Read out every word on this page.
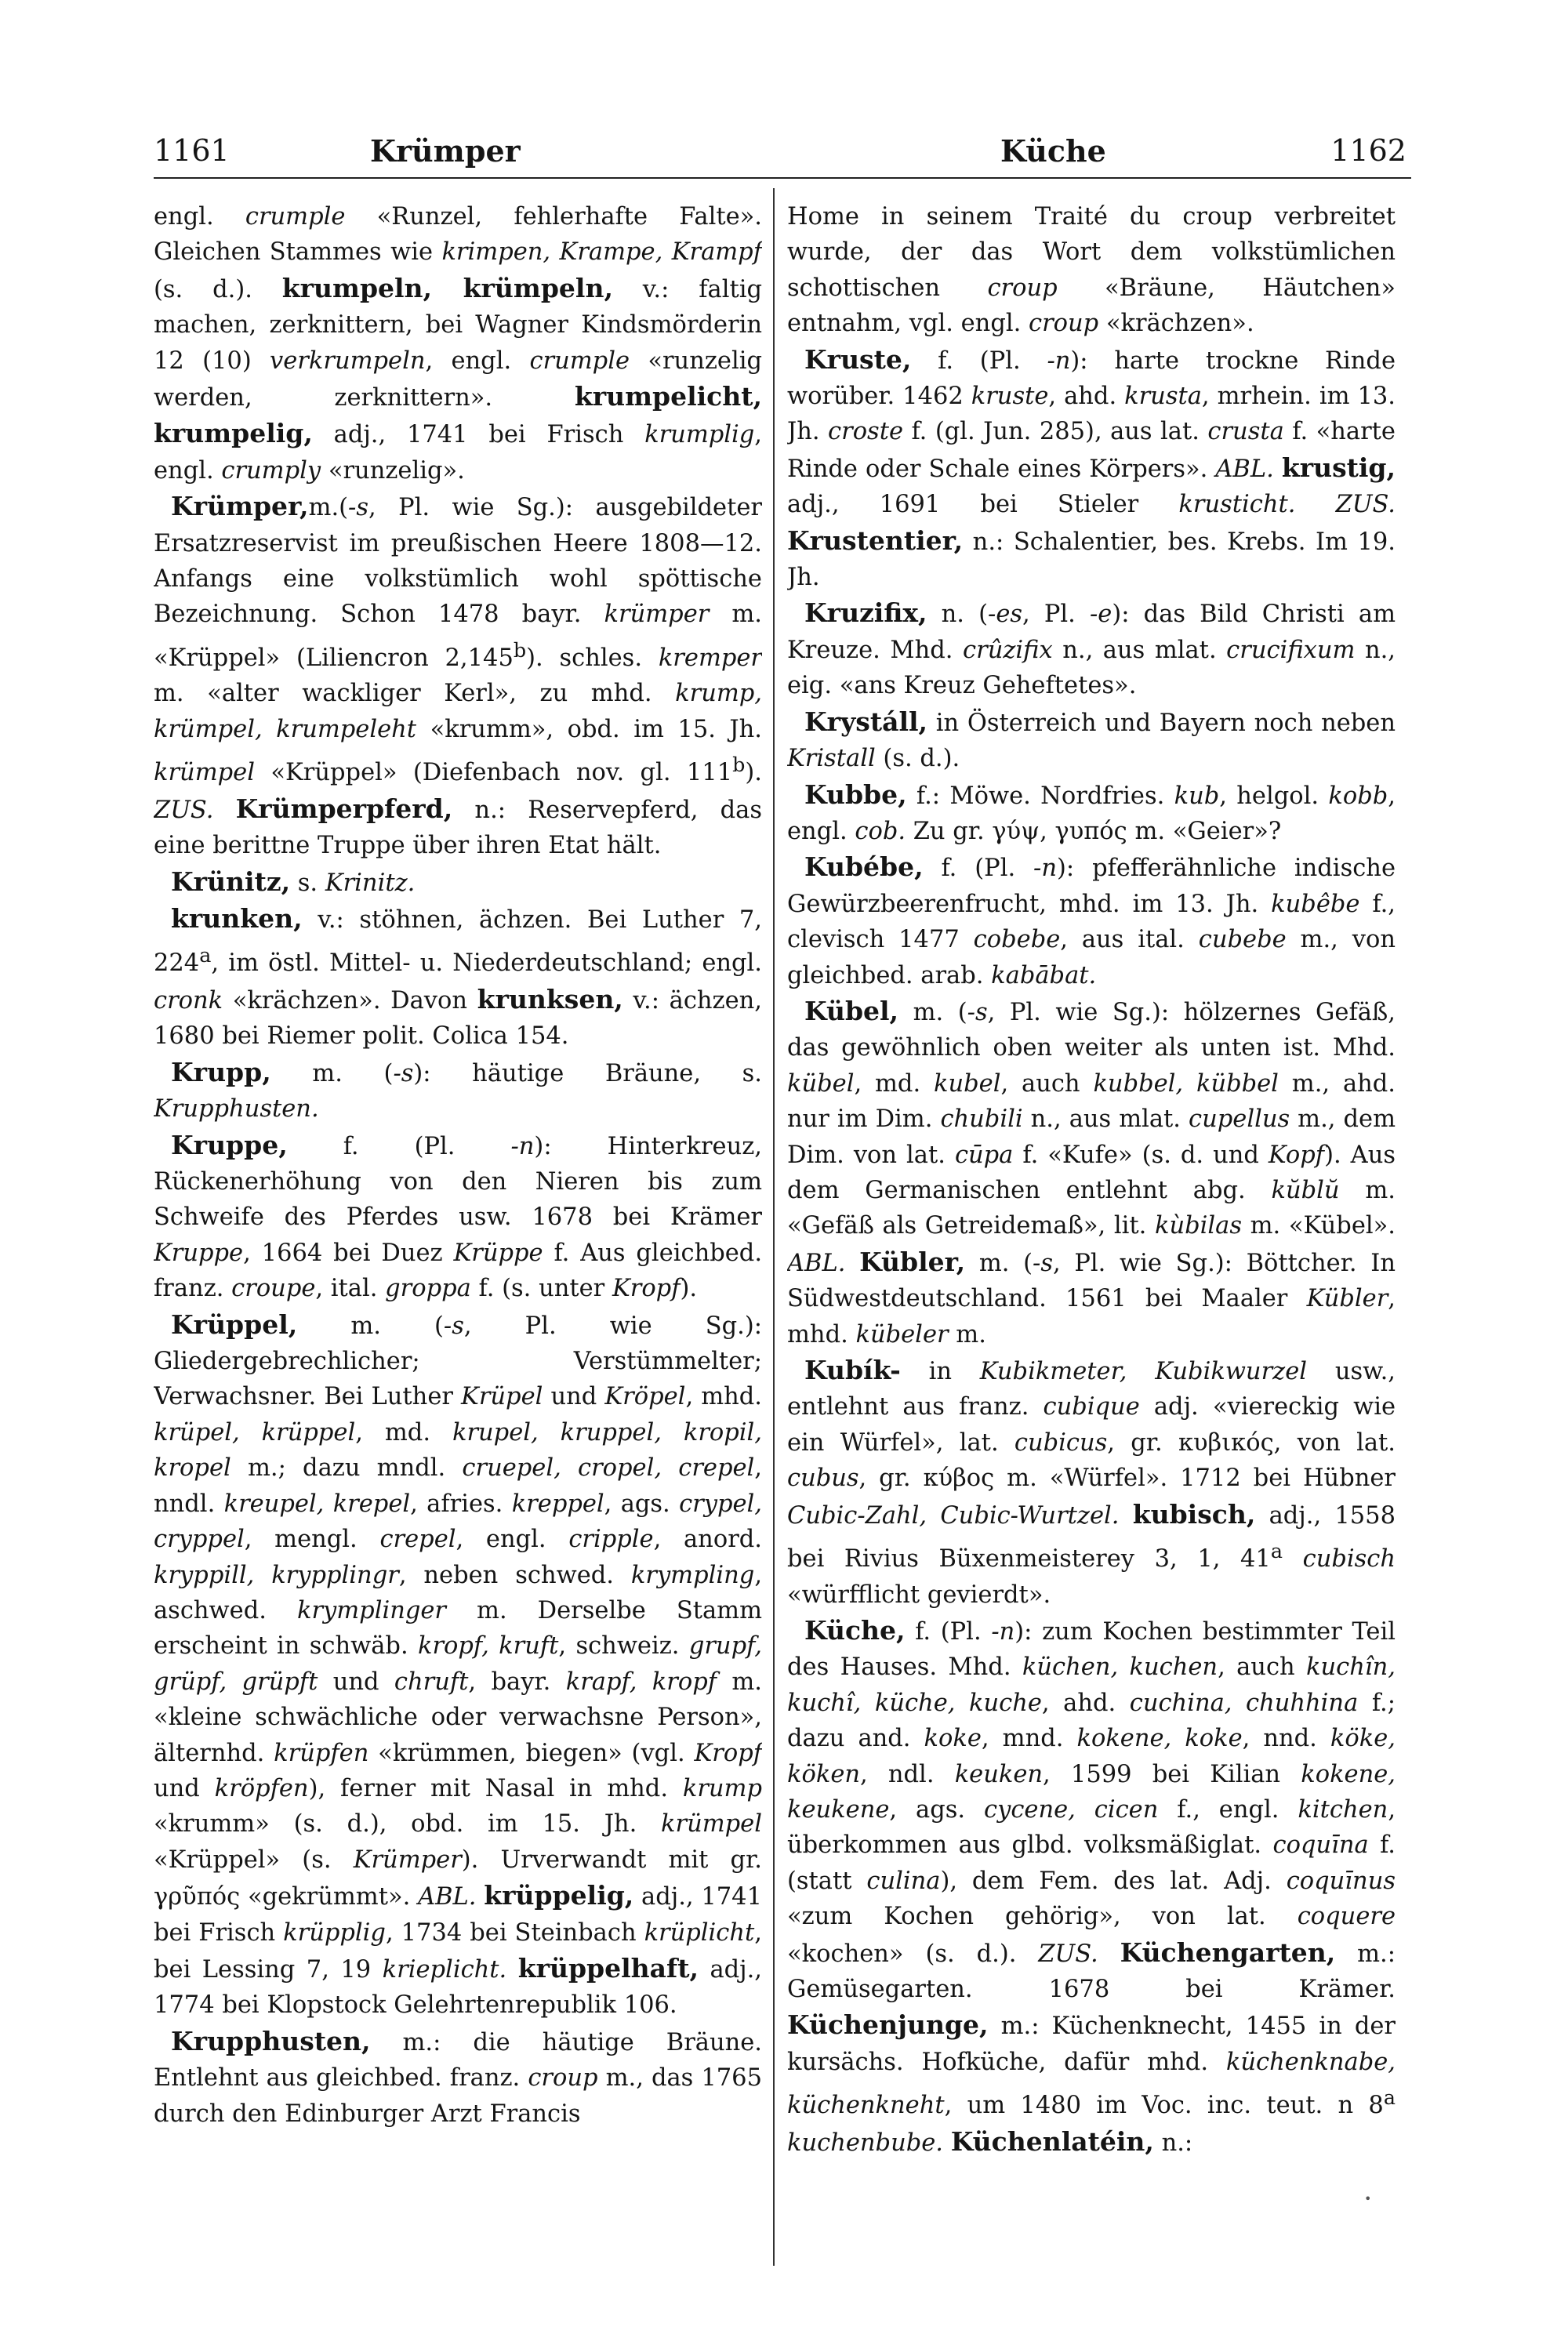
1161	Krümper	Küche	1162

engl. crumple «Runzel, fehlerhafte Falte». Gleichen Stammes wie krimpen, Krampe, Krampf (s. d.). krumpeln, krümpeln, v.: faltig machen, zerknittern, bei Wagner Kindsmörderin 12 (10) verkrumpeln, engl. crumple «runzelig werden, zerknittern». krumpelicht, krumpelig, adj., 1741 bei Frisch krumplig, engl. crumply «runzelig».

Krümper,m.(-s, Pl. wie Sg.): ausgebildeter Ersatzreservist im preußischen Heere 1808—12. Anfangs eine volkstümlich wohl spöttische Bezeichnung. Schon 1478 bayr. krümper m. «Krüppel» (Liliencron 2,145$^b$). schles. kremper m. «alter wackliger Kerl», zu mhd. krump, krümpel, krumpeleht «krumm», obd. im 15. Jh. krümpel «Krüppel» (Diefenbach nov. gl. 111$^b$). ZUS. Krümperpferd, n.: Reservepferd, das eine berittne Truppe über ihren Etat hält.

Krünitz, s. Krinitz.

krunken, v.: stöhnen, ächzen. Bei Luther 7, 224$^a$, im östl. Mittel- u. Niederdeutschland; engl. cronk «krächzen». Davon krunksen, v.: ächzen, 1680 bei Riemer polit. Colica 154.

Krupp, m. (-s): häutige Bräune, s. Krupphusten.

Kruppe, f. (Pl. -n): Hinterkreuz, Rückenerhöhung von den Nieren bis zum Schweife des Pferdes usw. 1678 bei Krämer Kruppe, 1664 bei Duez Krüppe f. Aus gleichbed. franz. croupe, ital. groppa f. (s. unter Kropf).

Krüppel, m. (-s, Pl. wie Sg.): Gliedergebrechlicher; Verstümmelter; Verwachsner. Bei Luther Krüpel und Kröpel, mhd. krüpel, krüppel, md. krupel, kruppel, kropil, kropel m.; dazu mndl. cruepel, cropel, crepel, nndl. kreupel, krepel, afries. kreppel, ags. crypel, cryppel, mengl. crepel, engl. cripple, anord. kryppill, krypplingr, neben schwed. krympling, aschwed. krymplinger m. Derselbe Stamm erscheint in schwäb. kropf, kruft, schweiz. grupf, grüpf, grüpft und chruft, bayr. krapf, kropf m. «kleine schwächliche oder verwachsne Person», älternhd. krüpfen «krümmen, biegen» (vgl. Kropf und kröpfen), ferner mit Nasal in mhd. krump «krumm» (s. d.), obd. im 15. Jh. krümpel «Krüppel» (s. Krümper). Urverwandt mit gr. γρῦπός «gekrümmt». ABL. krüppelig, adj., 1741 bei Frisch krüpplig, 1734 bei Steinbach krüplicht, bei Lessing 7, 19 krieplicht. krüppelhaft, adj., 1774 bei Klopstock Gelehrtenrepublik 106.

Krupphusten, m.: die häutige Bräune. Entlehnt aus gleichbed. franz. croup m., das 1765 durch den Edinburger Arzt Francis

Home in seinem Traité du croup verbreitet wurde, der das Wort dem volkstümlichen schottischen croup «Bräune, Häutchen» entnahm, vgl. engl. croup «krächzen».

Kruste, f. (Pl. -n): harte trockne Rinde worüber. 1462 kruste, ahd. krusta, mrhein. im 13. Jh. croste f. (gl. Jun. 285), aus lat. crusta f. «harte Rinde oder Schale eines Körpers». ABL. krustig, adj., 1691 bei Stieler krusticht. ZUS. Krustentier, n.: Schalentier, bes. Krebs. Im 19. Jh.

Kruzifix, n. (-es, Pl. -e): das Bild Christi am Kreuze. Mhd. crûzifix n., aus mlat. crucifixum n., eig. «ans Kreuz Geheftetes».

Krystáll, in Österreich und Bayern noch neben Kristall (s. d.).

Kubbe, f.: Möwe. Nordfries. kub, helgol. kobb, engl. cob. Zu gr. γύψ, γυπός m. «Geier»?

Kubébe, f. (Pl. -n): pfefferähnliche indische Gewürzbeerenfrucht, mhd. im 13. Jh. kubêbe f., clevisch 1477 cobebe, aus ital. cubebe m., von gleichbed. arab. kabābat.

Kübel, m. (-s, Pl. wie Sg.): hölzernes Gefäß, das gewöhnlich oben weiter als unten ist. Mhd. kübel, md. kubel, auch kubbel, kübbel m., ahd. nur im Dim. chubili n., aus mlat. cupellus m., dem Dim. von lat. cūpa f. «Kufe» (s. d. und Kopf). Aus dem Germanischen entlehnt abg. kŭblŭ m. «Gefäß als Getreidemaß», lit. kùbilas m. «Kübel». ABL. Kübler, m. (-s, Pl. wie Sg.): Böttcher. In Südwestdeutschland. 1561 bei Maaler Kübler, mhd. kübeler m.

Kubík- in Kubikmeter, Kubikwurzel usw., entlehnt aus franz. cubique adj. «viereckig wie ein Würfel», lat. cubicus, gr. κυβικός, von lat. cubus, gr. κύβος m. «Würfel». 1712 bei Hübner Cubic-Zahl, Cubic-Wurtzel. kubisch, adj., 1558 bei Rivius Büxenmeisterey 3, 1, 41$^a$ cubisch «würfflicht gevierdt».

Küche, f. (Pl. -n): zum Kochen bestimmter Teil des Hauses. Mhd. küchen, kuchen, auch kuchîn, kuchî, küche, kuche, ahd. cuchina, chuhhina f.; dazu and. koke, mnd. kokene, koke, nnd. köke, köken, ndl. keuken, 1599 bei Kilian kokene, keukene, ags. cycene, cicen f., engl. kitchen, überkommen aus glbd. volksmäßiglat. coquīna f. (statt culina), dem Fem. des lat. Adj. coquīnus «zum Kochen gehörig», von lat. coquere «kochen» (s. d.). ZUS. Küchengarten, m.: Gemüsegarten. 1678 bei Krämer. Küchenjunge, m.: Küchenknecht, 1455 in der kursächs. Hofküche, dafür mhd. küchenknabe, küchenkneht, um 1480 im Voc. inc. teut. n 8$^a$ kuchenbube. Küchenlatéin, n.:

•
